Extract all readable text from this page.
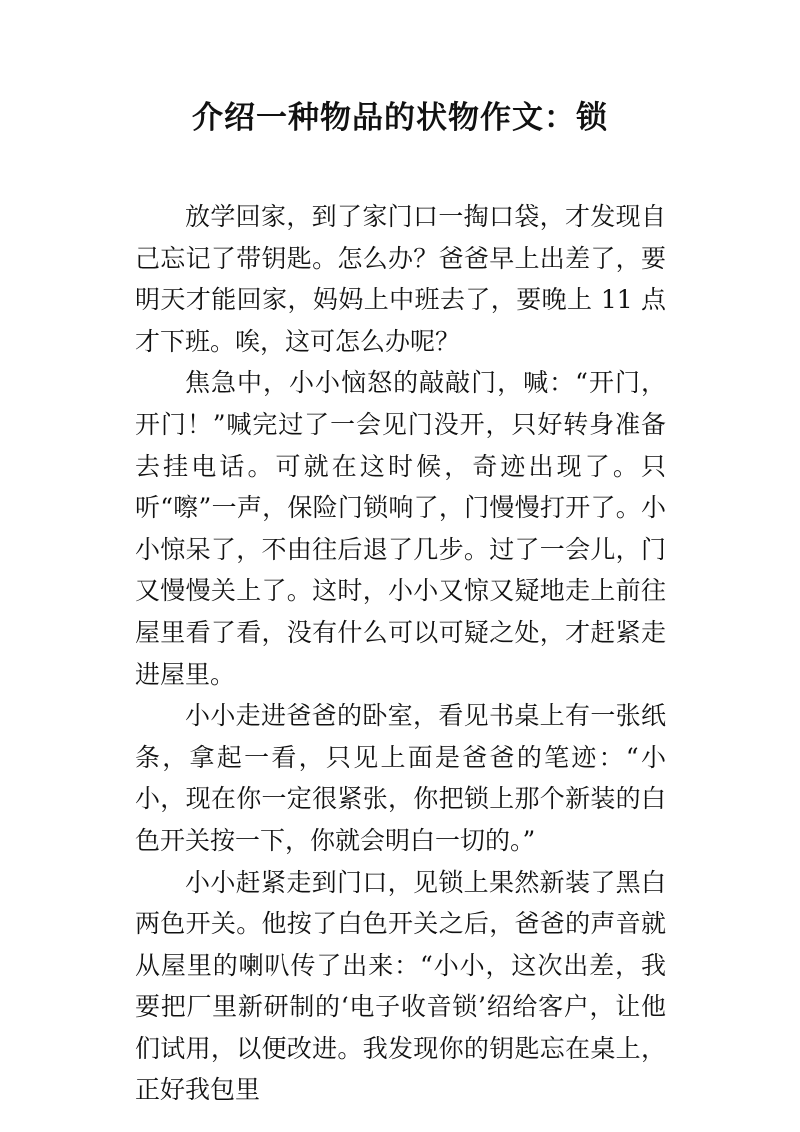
介绍一种物品的状物作文：锁

放学回家，到了家门口一掏口袋，才发现自己忘记了带钥匙。怎么办？爸爸早上出差了，要明天才能回家，妈妈上中班去了，要晚上 11 点才下班。唉，这可怎么办呢？

焦急中，小小恼怒的敲敲门，喊：“开门，开门！”喊完过了一会见门没开，只好转身准备去挂电话。可就在这时候，奇迹出现了。只听“嚓”一声，保险门锁响了，门慢慢打开了。小小惊呆了，不由往后退了几步。过了一会儿，门又慢慢关上了。这时，小小又惊又疑地走上前往屋里看了看，没有什么可以可疑之处，才赶紧走进屋里。

小小走进爸爸的卧室，看见书桌上有一张纸条，拿起一看，只见上面是爸爸的笔迹：“小小，现在你一定很紧张，你把锁上那个新装的白色开关按一下，你就会明白一切的。”

小小赶紧走到门口，见锁上果然新装了黑白两色开关。他按了白色开关之后，爸爸的声音就从屋里的喇叭传了出来：“小小，这次出差，我要把厂里新研制的‘电子收音锁’绍给客户，让他们试用，以便改进。我发现你的钥匙忘在桌上，正好我包里
